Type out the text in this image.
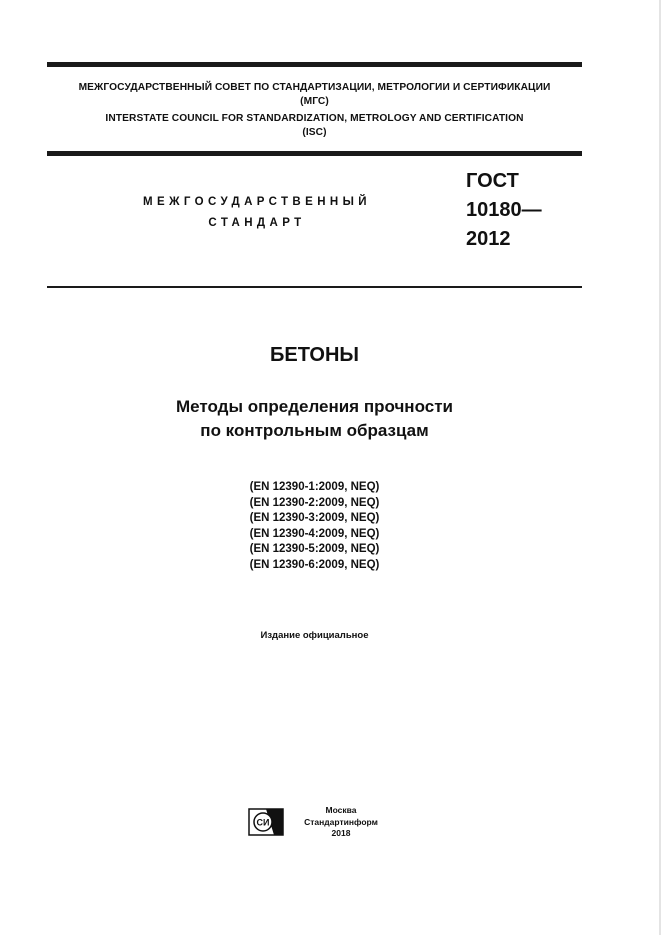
МЕЖГОСУДАРСТВЕННЫЙ СОВЕТ ПО СТАНДАРТИЗАЦИИ, МЕТРОЛОГИИ И СЕРТИФИКАЦИИ
(МГС)
INTERSTATE COUNCIL FOR STANDARDIZATION, METROLOGY AND CERTIFICATION
(ISC)
МЕЖГОСУДАРСТВЕННЫЙ
СТАНДАРТ
ГОСТ
10180—
2012
БЕТОНЫ
Методы определения прочности
по контрольным образцам
(EN 12390-1:2009, NEQ)
(EN 12390-2:2009, NEQ)
(EN 12390-3:2009, NEQ)
(EN 12390-4:2009, NEQ)
(EN 12390-5:2009, NEQ)
(EN 12390-6:2009, NEQ)
Издание официальное
СИ
Москва
Стандартинформ
2018
